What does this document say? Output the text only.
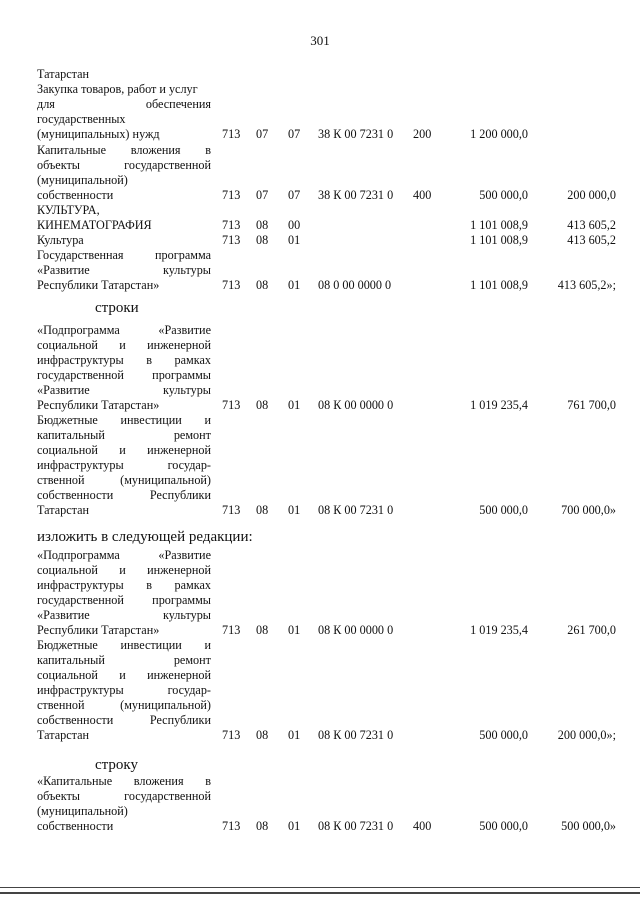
301
Татарстан
Закупка товаров, работ и услуг
для обеспечения
государственных
(муниципальных) нужд	713 07 07 38 К 00 7231 0 200	1 200 000,0
Капитальные вложения в
объекты государственной
(муниципальной)
собственности	713 07 07 38 К 00 7231 0 400	500 000,0	200 000,0
КУЛЬТУРА,
КИНЕМАТОГРАФИЯ	713 08 00	1 101 008,9	413 605,2
Культура	713 08 01	1 101 008,9	413 605,2
Государственная программа
«Развитие культуры
Республики Татарстан»	713 08 01 08 0 00 0000 0	1 101 008,9	413 605,2»;
«Подпрограмма «Развитие
социальной и инженерной
инфраструктуры в рамках
государственной программы
«Развитие культуры
Республики Татарстан»	713 08 01 08 К 00 0000 0	1 019 235,4	761 700,0
Бюджетные инвестиции и
капитальный ремонт
социальной и инженерной
инфраструктуры государ-
ственной (муниципальной)
собственности Республики
Татарстан	713 08 01 08 К 00 7231 0	500 000,0	700 000,0»
«Подпрограмма «Развитие
социальной и инженерной
инфраструктуры в рамках
государственной программы
«Развитие культуры
Республики Татарстан»	713 08 01 08 К 00 0000 0	1 019 235,4	261 700,0
Бюджетные инвестиции и
капитальный ремонт
социальной и инженерной
инфраструктуры государ-
ственной (муниципальной)
собственности Республики
Татарстан	713 08 01 08 К 00 7231 0	500 000,0	200 000,0»;
«Капитальные вложения в
объекты государственной
(муниципальной)
собственности	713 08 01 08 К 00 7231 0 400	500 000,0	500 000,0»
строки
изложить в следующей редакции:
строку
